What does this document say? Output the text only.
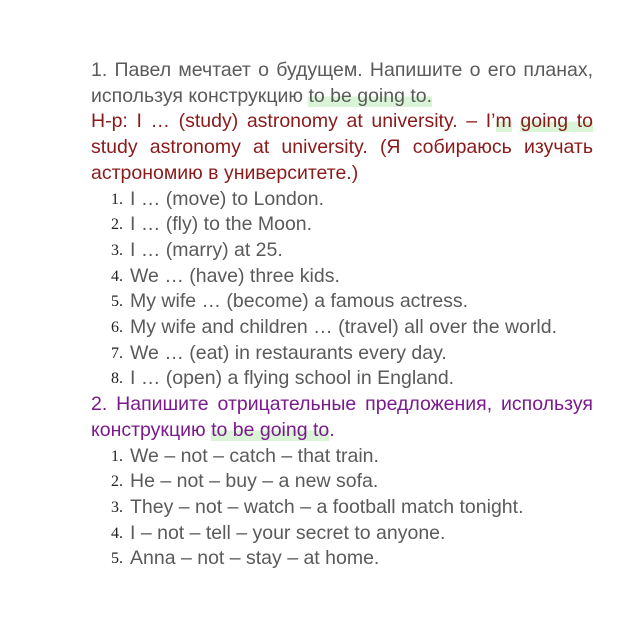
1. Павел мечтает о будущем. Напишите о его планах, используя конструкцию to be going to.

Н-р: I … (study) astronomy at university. – I’m going to study astronomy at university. (Я собираюсь изучать астрономию в университете.)

1. I … (move) to London.
2. I … (fly) to the Moon.
3. I … (marry) at 25.
4. We … (have) three kids.
5. My wife … (become) a famous actress.
6. My wife and children … (travel) all over the world.
7. We … (eat) in restaurants every day.
8. I … (open) a flying school in England.

2. Напишите отрицательные предложения, используя конструкцию to be going to.

1. We – not – catch – that train.
2. He – not – buy – a new sofa.
3. They – not – watch – a football match tonight.
4. I – not – tell – your secret to anyone.
5. Anna – not – stay – at home.
